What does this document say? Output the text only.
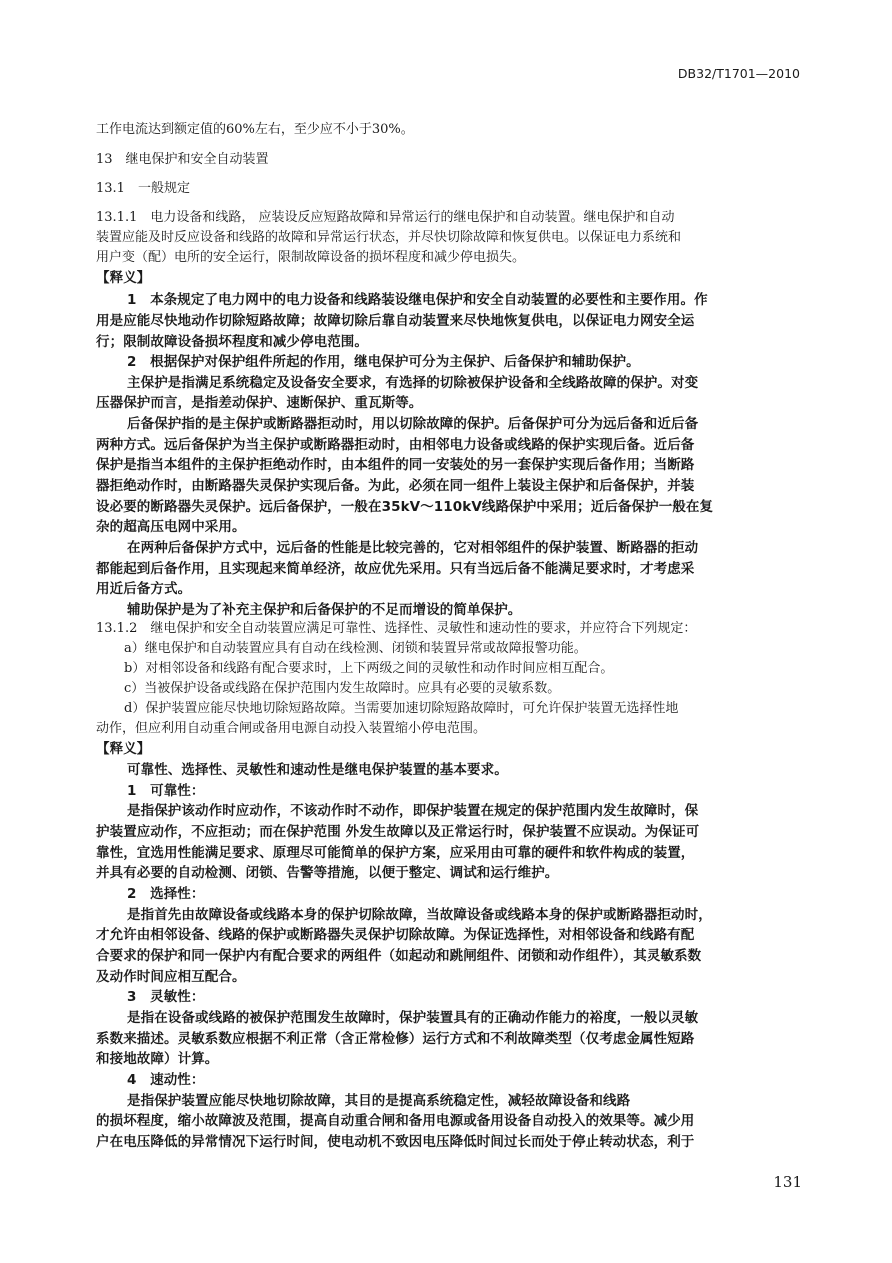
DB32/T1701—2010
工作电流达到额定值的60%左右，至少应不小于30%。
13　继电保护和安全自动装置
13.1　一般规定
13.1.1　电力设备和线路， 应装设反应短路故障和异常运行的继电保护和自动装置。继电保护和自动
装置应能及时反应设备和线路的故障和异常运行状态，并尽快切除故障和恢复供电。以保证电力系统和
用户变（配）电所的安全运行，限制故障设备的损坏程度和减少停电损失。
【释义】
1　本条规定了电力网中的电力设备和线路装设继电保护和安全自动装置的必要性和主要作用。作
用是应能尽快地动作切除短路故障；故障切除后靠自动装置来尽快地恢复供电，以保证电力网安全运
行；限制故障设备损坏程度和减少停电范围。
2　根据保护对保护组件所起的作用，继电保护可分为主保护、后备保护和辅助保护。
主保护是指满足系统稳定及设备安全要求，有选择的切除被保护设备和全线路故障的保护。对变
压器保护而言，是指差动保护、速断保护、重瓦斯等。
后备保护指的是主保护或断路器拒动时，用以切除故障的保护。后备保护可分为远后备和近后备
两种方式。远后备保护为当主保护或断路器拒动时，由相邻电力设备或线路的保护实现后备。近后备
保护是指当本组件的主保护拒绝动作时，由本组件的同一安装处的另一套保护实现后备作用；当断路
器拒绝动作时，由断路器失灵保护实现后备。为此，必须在同一组件上装设主保护和后备保护，并装
设必要的断路器失灵保护。远后备保护，一般在35kV～110kV线路保护中采用；近后备保护一般在复
杂的超高压电网中采用。
在两种后备保护方式中，远后备的性能是比较完善的，它对相邻组件的保护装置、断路器的拒动
都能起到后备作用，且实现起来简单经济，故应优先采用。只有当远后备不能满足要求时，才考虑采
用近后备方式。
辅助保护是为了补充主保护和后备保护的不足而增设的简单保护。
13.1.2　继电保护和安全自动装置应满足可靠性、选择性、灵敏性和速动性的要求，并应符合下列规定：
a）继电保护和自动装置应具有自动在线检测、闭锁和装置异常或故障报警功能。
b）对相邻设备和线路有配合要求时，上下两级之间的灵敏性和动作时间应相互配合。
c）当被保护设备或线路在保护范围内发生故障时。应具有必要的灵敏系数。
d）保护装置应能尽快地切除短路故障。当需要加速切除短路故障时，可允许保护装置无选择性地
动作，但应利用自动重合闸或备用电源自动投入装置缩小停电范围。
【释义】
可靠性、选择性、灵敏性和速动性是继电保护装置的基本要求。
1　可靠性：
是指保护该动作时应动作，不该动作时不动作，即保护装置在规定的保护范围内发生故障时，保
护装置应动作，不应拒动；而在保护范围 外发生故障以及正常运行时，保护装置不应误动。为保证可
靠性，宜选用性能满足要求、原理尽可能简单的保护方案，应采用由可靠的硬件和软件构成的装置，
并具有必要的自动检测、闭锁、告警等措施，以便于整定、调试和运行维护。
2　选择性：
是指首先由故障设备或线路本身的保护切除故障，当故障设备或线路本身的保护或断路器拒动时，
才允许由相邻设备、线路的保护或断路器失灵保护切除故障。为保证选择性，对相邻设备和线路有配
合要求的保护和同一保护内有配合要求的两组件（如起动和跳闸组件、闭锁和动作组件），其灵敏系数
及动作时间应相互配合。
3　灵敏性：
是指在设备或线路的被保护范围发生故障时，保护装置具有的正确动作能力的裕度，一般以灵敏
系数来描述。灵敏系数应根据不利正常（含正常检修）运行方式和不利故障类型（仅考虑金属性短路
和接地故障）计算。
4　速动性：
是指保护装置应能尽快地切除故障，其目的是提高系统稳定性，减轻故障设备和线路
的损坏程度，缩小故障波及范围，提高自动重合闸和备用电源或备用设备自动投入的效果等。减少用
户在电压降低的异常情况下运行时间，使电动机不致因电压降低时间过长而处于停止转动状态，利于
131
